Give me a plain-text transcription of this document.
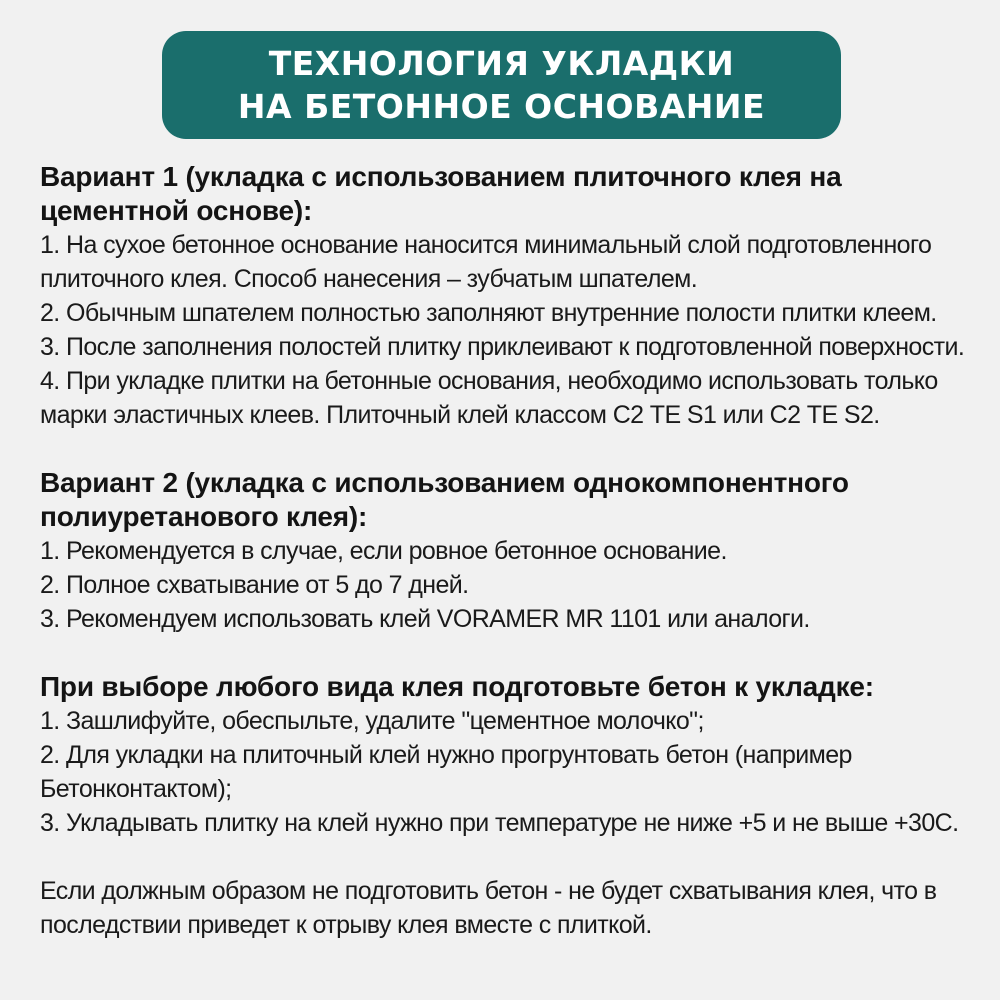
ТЕХНОЛОГИЯ УКЛАДКИ
НА БЕТОННОЕ ОСНОВАНИЕ

Вариант 1 (укладка с использованием плиточного клея на

цементной основе):

1. На сухое бетонное основание наносится минимальный слой подготовленного

плиточного клея. Способ нанесения – зубчатым шпателем.

2. Обычным шпателем полностью заполняют внутренние полости плитки клеем.

3. После заполнения полостей плитку приклеивают к подготовленной поверхности.

4. При укладке плитки на бетонные основания, необходимо использовать только

марки эластичных клеев. Плиточный клей классом С2 ТЕ S1 или С2 ТЕ S2.

Вариант 2 (укладка с использованием однокомпонентного

полиуретанового клея):

1. Рекомендуется в случае, если ровное бетонное основание.

2. Полное схватывание от 5 до 7 дней.

3. Рекомендуем использовать клей VORAMER MR 1101 или аналоги.

При выборе любого вида клея подготовьте бетон к укладке:

1. Зашлифуйте, обеспыльте, удалите "цементное молочко";

2. Для укладки на плиточный клей нужно прогрунтовать бетон (например

Бетонконтактом);

3. Укладывать плитку на клей нужно при температуре не ниже +5 и не выше +30С.

Если должным образом не подготовить бетон - не будет схватывания клея, что в

последствии приведет к отрыву клея вместе с плиткой.
